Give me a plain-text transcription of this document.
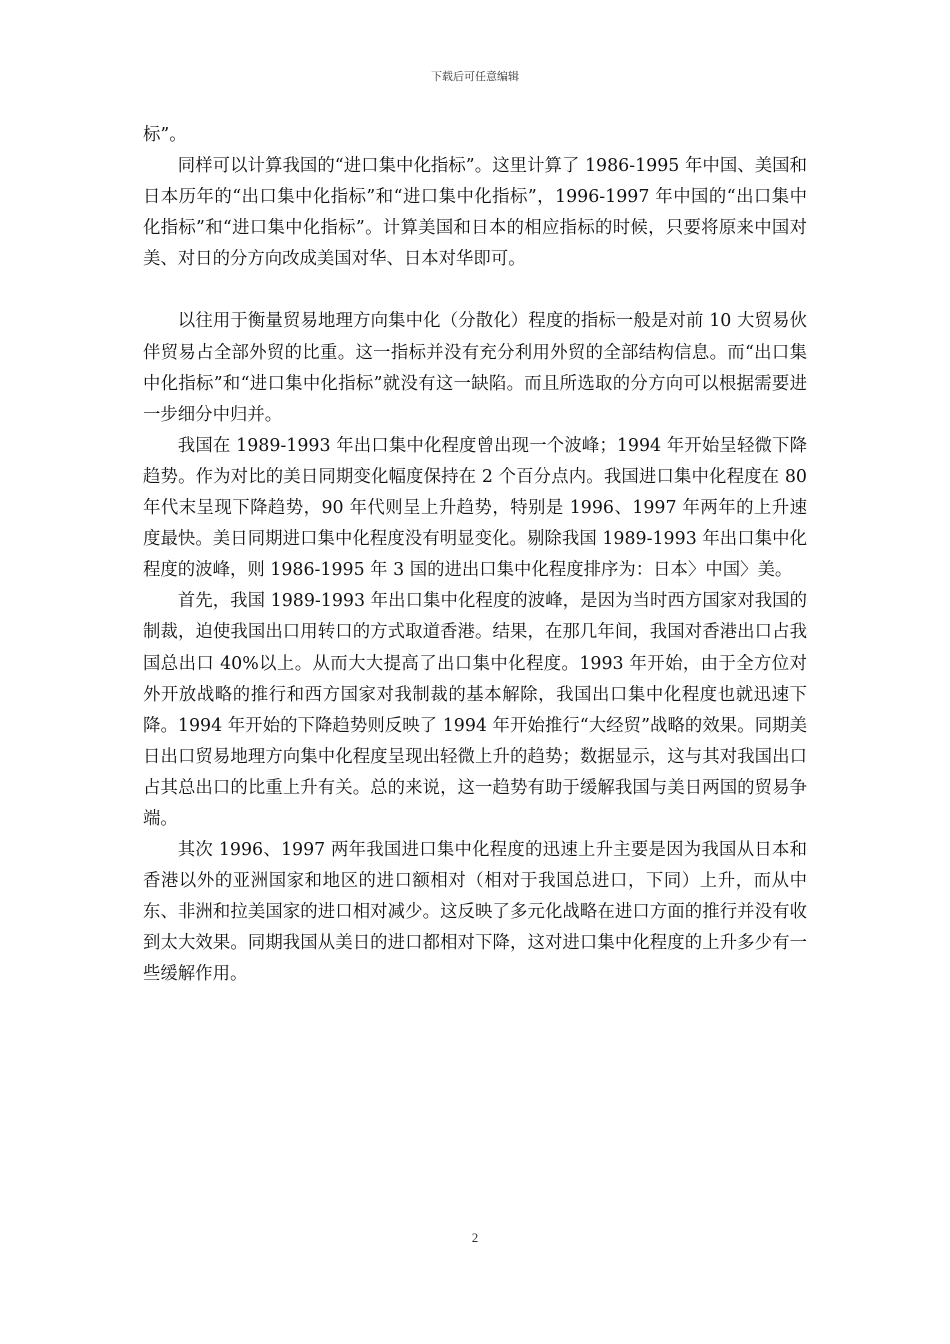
下载后可任意编辑

标”。

同样可以计算我国的“进口集中化指标”。这里计算了 1986-1995 年中国、美国和日本历年的“出口集中化指标”和“进口集中化指标”，1996-1997 年中国的“出口集中化指标”和“进口集中化指标”。计算美国和日本的相应指标的时候，只要将原来中国对美、对日的分方向改成美国对华、日本对华即可。

以往用于衡量贸易地理方向集中化（分散化）程度的指标一般是对前 10 大贸易伙伴贸易占全部外贸的比重。这一指标并没有充分利用外贸的全部结构信息。而“出口集中化指标”和“进口集中化指标”就没有这一缺陷。而且所选取的分方向可以根据需要进一步细分中归并。

我国在 1989-1993 年出口集中化程度曾出现一个波峰；1994 年开始呈轻微下降趋势。作为对比的美日同期变化幅度保持在 2 个百分点内。我国进口集中化程度在 80 年代末呈现下降趋势，90 年代则呈上升趋势，特别是 1996、1997 年两年的上升速度最快。美日同期进口集中化程度没有明显变化。剔除我国 1989-1993 年出口集中化程度的波峰，则 1986-1995 年 3 国的进出口集中化程度排序为：日本〉中国〉美。

首先，我国 1989-1993 年出口集中化程度的波峰，是因为当时西方国家对我国的制裁，迫使我国出口用转口的方式取道香港。结果，在那几年间，我国对香港出口占我国总出口 40%以上。从而大大提高了出口集中化程度。1993 年开始，由于全方位对外开放战略的推行和西方国家对我制裁的基本解除，我国出口集中化程度也就迅速下降。1994 年开始的下降趋势则反映了 1994 年开始推行“大经贸”战略的效果。同期美日出口贸易地理方向集中化程度呈现出轻微上升的趋势；数据显示，这与其对我国出口占其总出口的比重上升有关。总的来说，这一趋势有助于缓解我国与美日两国的贸易争端。

其次 1996、1997 两年我国进口集中化程度的迅速上升主要是因为我国从日本和香港以外的亚洲国家和地区的进口额相对（相对于我国总进口，下同）上升，而从中东、非洲和拉美国家的进口相对减少。这反映了多元化战略在进口方面的推行并没有收到太大效果。同期我国从美日的进口都相对下降，这对进口集中化程度的上升多少有一些缓解作用。

2
